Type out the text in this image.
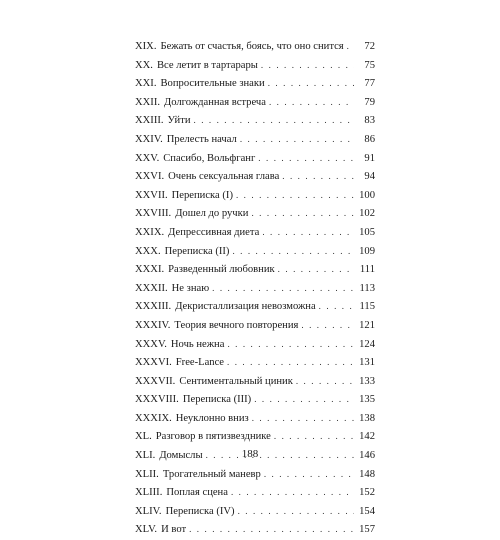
XIX. Бежать от счастья, боясь, что оно снится . . .	72
XX. Все летит в тартарары . . .	75
XXI. Вопросительные знаки . . .	77
XXII. Долгожданная встреча . . .	79
XXIII. Уйти . . .	83
XXIV. Прелесть начал . . .	86
XXV. Спасибо, Вольфганг . . .	91
XXVI. Очень сексуальная глава . . .	94
XXVII. Переписка (I) . . .	100
XXVIII. Дошел до ручки . . .	102
XXIX. Депрессивная диета . . .	105
XXX. Переписка (II) . . .	109
XXXI. Разведенный любовник . . .	111
XXXII. Не знаю . . .	113
XXXIII. Декристаллизация невозможна . . .	115
XXXIV. Теория вечного повторения . . .	121
XXXV. Ночь нежна . . .	124
XXXVI. Free-Lance . . .	131
XXXVII. Сентиментальный циник . . .	133
XXXVIII. Переписка (III) . . .	135
XXXIX. Неуклонно вниз . . .	138
XL. Разговор в пятизвезднике . . .	142
XLI. Домыслы . . .	146
XLII. Трогательный маневр . . .	148
XLIII. Поплая сцена . . .	152
XLIV. Переписка (IV) . . .	154
XLV. И вот . . .	157
188
